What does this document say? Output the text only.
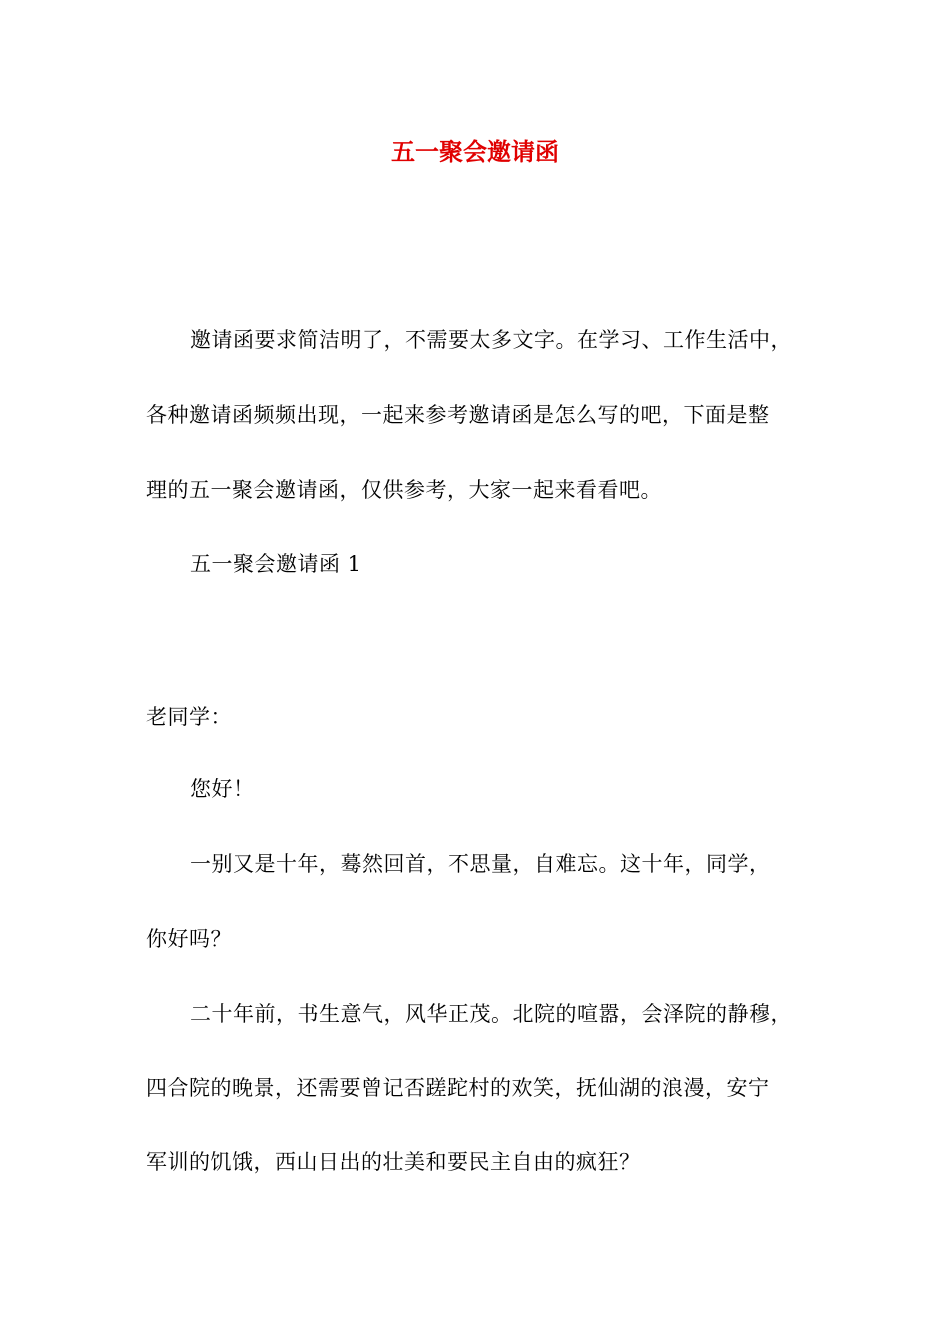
五一聚会邀请函
邀请函要求简洁明了，不需要太多文字。在学习、工作生活中，
各种邀请函频频出现，一起来参考邀请函是怎么写的吧，下面是整
理的五一聚会邀请函，仅供参考，大家一起来看看吧。
五一聚会邀请函 1
老同学：
您好！
一别又是十年，蓦然回首，不思量，自难忘。这十年，同学，
你好吗？
二十年前，书生意气，风华正茂。北院的喧嚣，会泽院的静穆，
四合院的晚景，还需要曾记否蹉跎村的欢笑，抚仙湖的浪漫，安宁
军训的饥饿，西山日出的壮美和要民主自由的疯狂？
